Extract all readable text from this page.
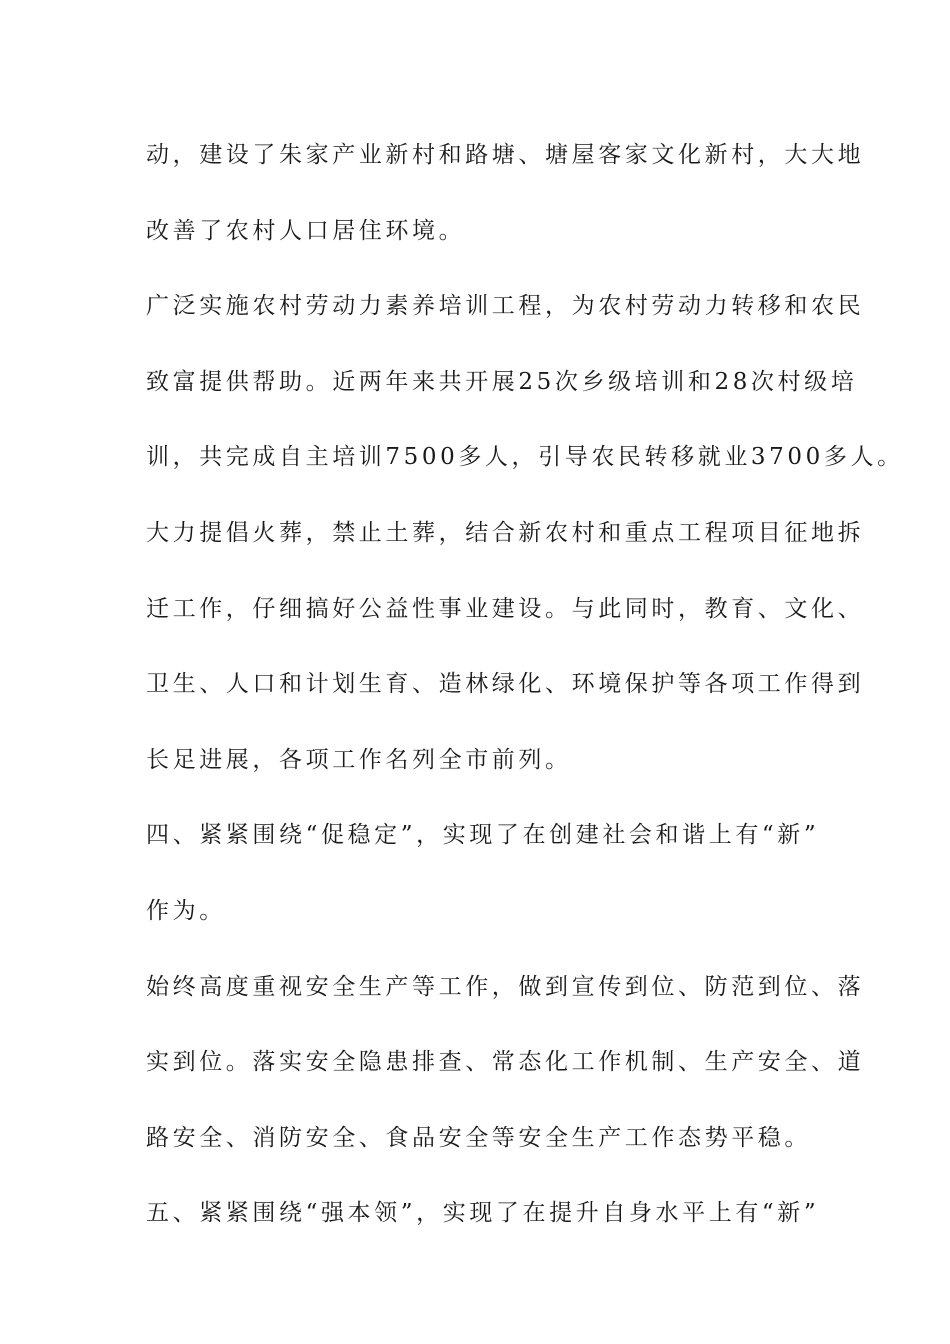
动，建设了朱家产业新村和路塘、塘屋客家文化新村，大大地
改善了农村人口居住环境。
广泛实施农村劳动力素养培训工程，为农村劳动力转移和农民
致富提供帮助。近两年来共开展25次乡级培训和28次村级培
训，共完成自主培训7500多人，引导农民转移就业3700多人。
大力提倡火葬，禁止土葬，结合新农村和重点工程项目征地拆
迁工作，仔细搞好公益性事业建设。与此同时，教育、文化、
卫生、人口和计划生育、造林绿化、环境保护等各项工作得到
长足进展，各项工作名列全市前列。
四、紧紧围绕“促稳定”，实现了在创建社会和谐上有“新”
作为。
始终高度重视安全生产等工作，做到宣传到位、防范到位、落
实到位。落实安全隐患排查、常态化工作机制、生产安全、道
路安全、消防安全、食品安全等安全生产工作态势平稳。
五、紧紧围绕“强本领”，实现了在提升自身水平上有“新”
